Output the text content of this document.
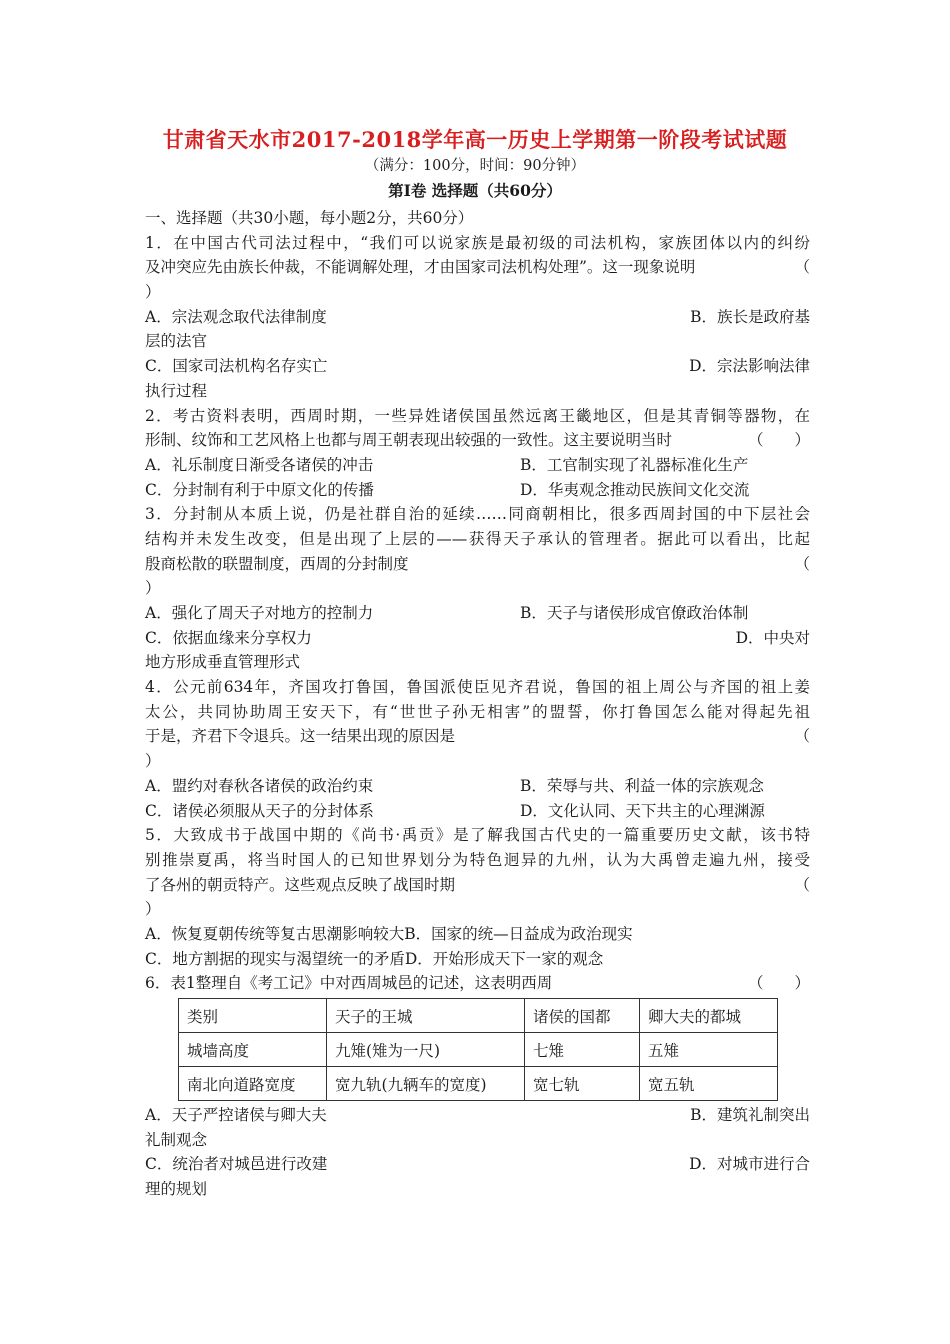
甘肃省天水市2017-2018学年高一历史上学期第一阶段考试试题
（满分：100分，时间：90分钟）
第Ⅰ卷 选择题（共60分）
一、选择题（共30小题，每小题2分，共60分）
1．在中国古代司法过程中，“我们可以说家族是最初级的司法机构，家族团体以内的纠纷
及冲突应先由族长仲裁，不能调解处理，才由国家司法机构处理”。这一现象说明	（
）
A．宗法观念取代法律制度	B．族长是政府基
层的法官
C．国家司法机构名存实亡	D．宗法影响法律
执行过程
2．考古资料表明，西周时期，一些异姓诸侯国虽然远离王畿地区，但是其青铜等器物，在
形制、纹饰和工艺风格上也都与周王朝表现出较强的一致性。这主要说明当时	（　　）
A．礼乐制度日渐受各诸侯的冲击	B．工官制实现了礼器标准化生产
C．分封制有利于中原文化的传播	D．华夷观念推动民族间文化交流
3．分封制从本质上说，仍是社群自治的延续……同商朝相比，很多西周封国的中下层社会
结构并未发生改变，但是出现了上层的——获得天子承认的管理者。据此可以看出，比起
殷商松散的联盟制度，西周的分封制度	（
）
A．强化了周天子对地方的控制力	B．天子与诸侯形成官僚政治体制
C．依据血缘来分享权力	D．中央对
地方形成垂直管理形式
4．公元前634年，齐国攻打鲁国，鲁国派使臣见齐君说，鲁国的祖上周公与齐国的祖上姜
太公，共同协助周王安天下，有“世世子孙无相害”的盟誓，你打鲁国怎么能对得起先祖
于是，齐君下令退兵。这一结果出现的原因是	（
）
A．盟约对春秋各诸侯的政治约束	B．荣辱与共、利益一体的宗族观念
C．诸侯必须服从天子的分封体系	D．文化认同、天下共主的心理渊源
5．大致成书于战国中期的《尚书·禹贡》是了解我国古代史的一篇重要历史文献，该书特
别推崇夏禹，将当时国人的已知世界划分为特色迥异的九州，认为大禹曾走遍九州，接受
了各州的朝贡特产。这些观点反映了战国时期	（
）
A．恢复夏朝传统等复古思潮影响较大B．国家的统—日益成为政治现实
C．地方割据的现实与渴望统一的矛盾D．开始形成天下一家的观念
6．表1整理自《考工记》中对西周城邑的记述，这表明西周	（　　）
类别	天子的王城	诸侯的国都	卿大夫的都城
城墙高度	九雉(雉为一尺)	七雉	五雉
南北向道路宽度	宽九轨(九辆车的宽度)	宽七轨	宽五轨
A．天子严控诸侯与卿大夫	B．建筑礼制突出
礼制观念
C．统治者对城邑进行改建	D．对城市进行合
理的规划
